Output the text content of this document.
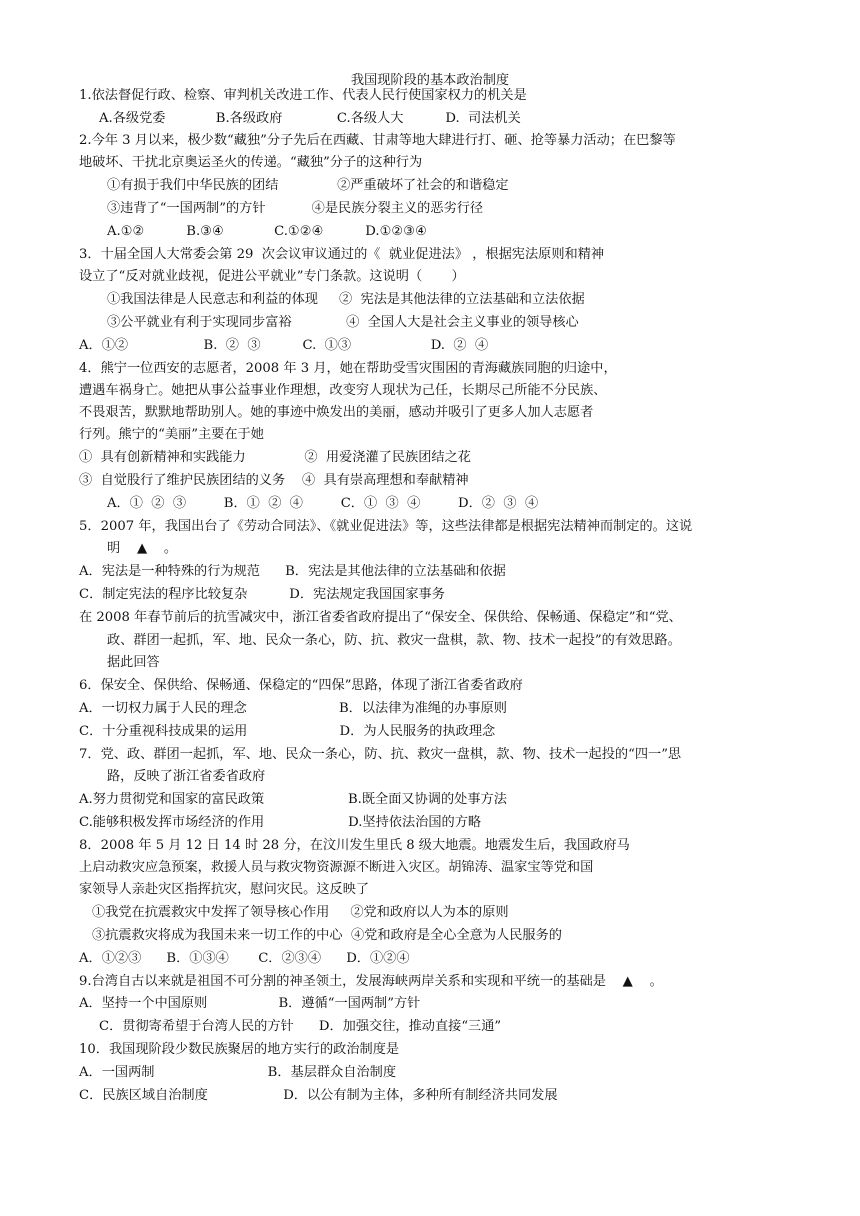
我国现阶段的基本政治制度
1.依法督促行政、检察、审判机关改进工作、代表人民行使国家权力的机关是
A.各级党委            B.各级政府             C.各级人大          D.  司法机关
2.今年 3 月以来，极少数“藏独”分子先后在西藏、甘肃等地大肆进行打、砸、抢等暴力活动；在巴黎等
地破坏、干扰北京奥运圣火的传递。“藏独”分子的这种行为
①有损于我们中华民族的团结              ②严重破坏了社会的和谐稳定
③违背了“一国两制”的方针           ④是民族分裂主义的恶劣行径
A.①②          B.③④            C.①②④          D.①②③④
3．十届全国人大常委会第 29  次会议审议通过的《  就业促进法》 ，根据宪法原则和精神
设立了“反对就业歧视，促进公平就业”专门条款。这说明（       ）
①我国法律是人民意志和利益的体现     ②  宪法是其他法律的立法基础和立法依据
③公平就业有利于实现同步富裕             ④  全国人大是社会主义事业的领导核心
A．①②                  B.  ②  ③          C.  ①③                   D.  ②  ④
4．熊宁一位西安的志愿者，2008 年 3 月，她在帮助受雪灾围困的青海藏族同胞的归途中，
遭遇车祸身亡。她把从事公益事业作理想，改变穷人现状为己任，长期尽己所能不分民族、
不畏艰苦，默默地帮助别人。她的事迹中焕发出的美丽，感动并吸引了更多人加人志愿者
行列。熊宁的“美丽”主要在于她
①  具有创新精神和实践能力              ②  用爱浇灌了民族团结之花
③  自觉股行了维护民族团结的义务    ④  具有崇高理想和奉献精神
A．①  ②  ③         B．①  ②  ④         C．①  ③  ④         D．②  ③  ④
5．2007 年，我国出台了《劳动合同法》、《就业促进法》等，这些法律都是根据宪法精神而制定的。这说
明    ▲    。
A．宪法是一种特殊的行为规范      B．宪法是其他法律的立法基础和依据
C．制定宪法的程序比较复杂          D．宪法规定我国国家事务
在 2008 年春节前后的抗雪减灾中，浙江省委省政府提出了“保安全、保供给、保畅通、保稳定”和“党、
政、群团一起抓，军、地、民众一条心，防、抗、救灾一盘棋，款、物、技术一起投”的有效思路。
据此回答
6．保安全、保供给、保畅通、保稳定的“四保”思路，体现了浙江省委省政府
A．一切权力属于人民的理念                      B．以法律为准绳的办事原则
C．十分重视科技成果的运用                      D．为人民服务的执政理念
7．党、政、群团一起抓，军、地、民众一条心，防、抗、救灾一盘棋，款、物、技术一起投的“四一”思
路，反映了浙江省委省政府
A.努力贯彻党和国家的富民政策                    B.既全面又协调的处事方法
C.能够积极发挥市场经济的作用                    D.坚持依法治国的方略
8．2008 年 5 月 12 日 14 时 28 分，在汶川发生里氏 8 级大地震。地震发生后，我国政府马
上启动救灾应急预案，救援人员与救灾物资源源不断进入灾区。胡锦涛、温家宝等党和国
家领导人亲赴灾区指挥抗灾，慰问灾民。这反映了
①我党在抗震救灾中发挥了领导核心作用     ②党和政府以人为本的原则
③抗震救灾将成为我国未来一切工作的中心  ④党和政府是全心全意为人民服务的
A．①②③      B．①③④       C．②③④      D．①②④
9.台湾自古以来就是祖国不可分割的神圣领土，发展海峡两岸关系和实现和平统一的基础是    ▲    。
A．坚持一个中国原则                 B．遵循“一国两制”方针
C．贯彻寄希望于台湾人民的方针      D．加强交往，推动直接“三通”
10．我国现阶段少数民族聚居的地方实行的政治制度是
A．一国两制                           B．基层群众自治制度
C．民族区域自治制度                  D．以公有制为主体，多种所有制经济共同发展
